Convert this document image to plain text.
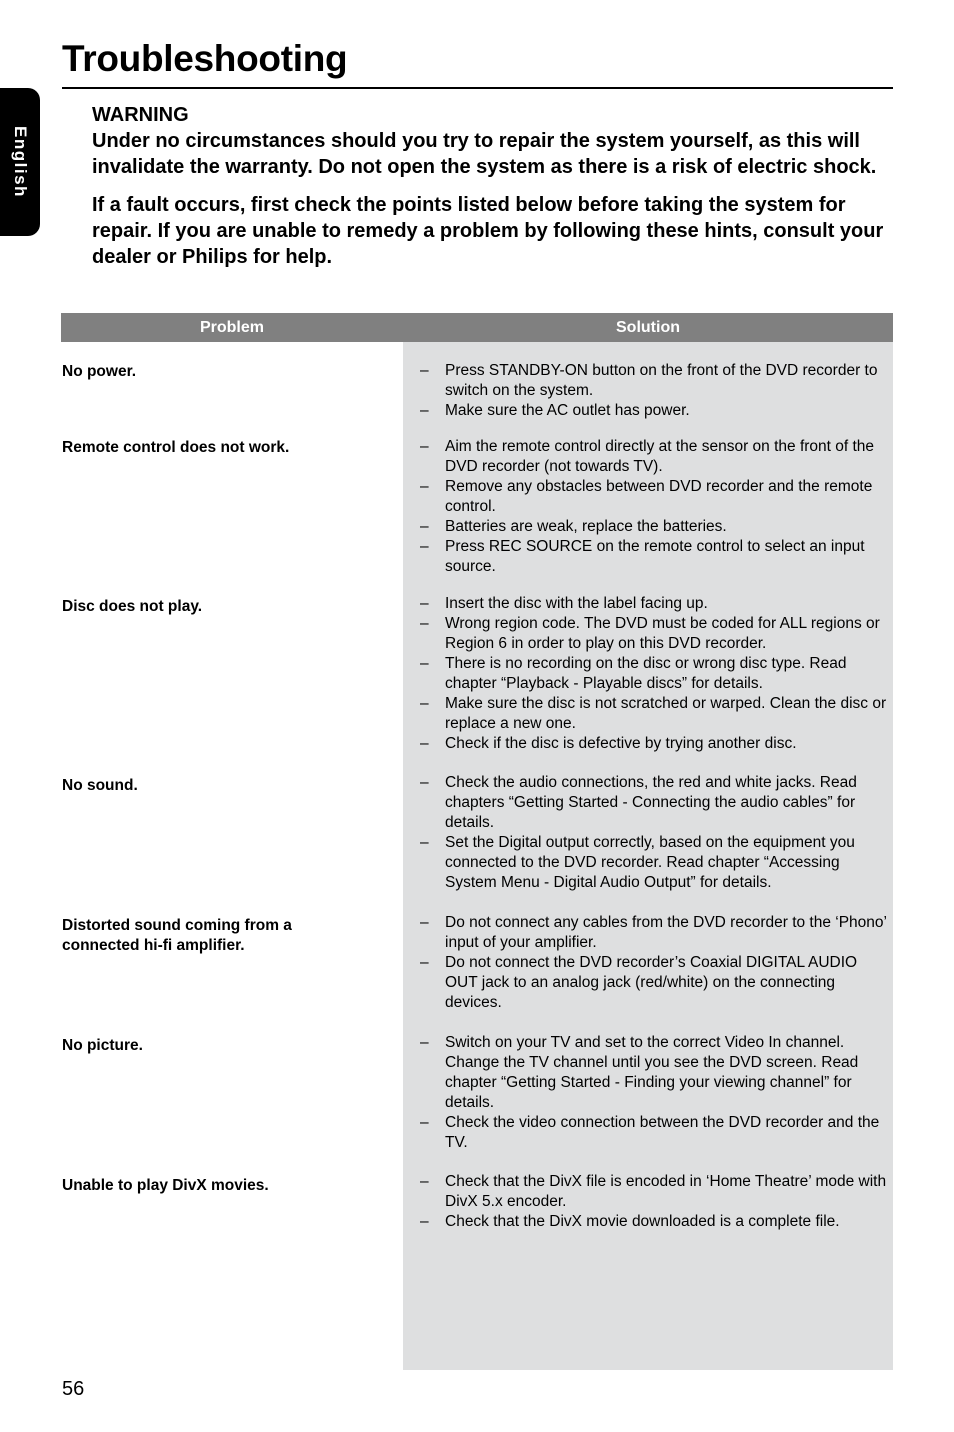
Troubleshooting
English

WARNING

Under no circumstances should you try to repair the system yourself, as this will invalidate the warranty. Do not open the system as there is a risk of electric shock.

If a fault occurs, first check the points listed below before taking the system for repair. If you are unable to remedy a problem by following these hints, consult your dealer or Philips for help.

Problem	Solution
No power.	– Press STANDBY-ON button on the front of the DVD recorder to switch on the system.
– Make sure the AC outlet has power.
Remote control does not work.	– Aim the remote control directly at the sensor on the front of the DVD recorder (not towards TV).
– Remove any obstacles between DVD recorder and the remote control.
– Batteries are weak, replace the batteries.
– Press REC SOURCE on the remote control to select an input source.
Disc does not play.	– Insert the disc with the label facing up.
– Wrong region code. The DVD must be coded for ALL regions or Region 6 in order to play on this DVD recorder.
– There is no recording on the disc or wrong disc type. Read chapter “Playback - Playable discs” for details.
– Make sure the disc is not scratched or warped. Clean the disc or replace a new one.
– Check if the disc is defective by trying another disc.
No sound.	– Check the audio connections, the red and white jacks. Read chapters “Getting Started - Connecting the audio cables” for details.
– Set the Digital output correctly, based on the equipment you connected to the DVD recorder. Read chapter “Accessing System Menu - Digital Audio Output” for details.
Distorted sound coming from a connected hi-fi amplifier.
– Do not connect any cables from the DVD recorder to the ‘Phono’ input of your amplifier.
– Do not connect the DVD recorder’s Coaxial DIGITAL AUDIO OUT jack to an analog jack (red/white) on the connecting devices.
No picture.	– Switch on your TV and set to the correct Video In channel. Change the TV channel until you see the DVD screen. Read chapter “Getting Started - Finding your viewing channel” for details.
– Check the video connection between the DVD recorder and the TV.
Unable to play DivX movies.	– Check that the DivX file is encoded in ‘Home Theatre’ mode with DivX 5.x encoder.
– Check that the DivX movie downloaded is a complete file.
56
